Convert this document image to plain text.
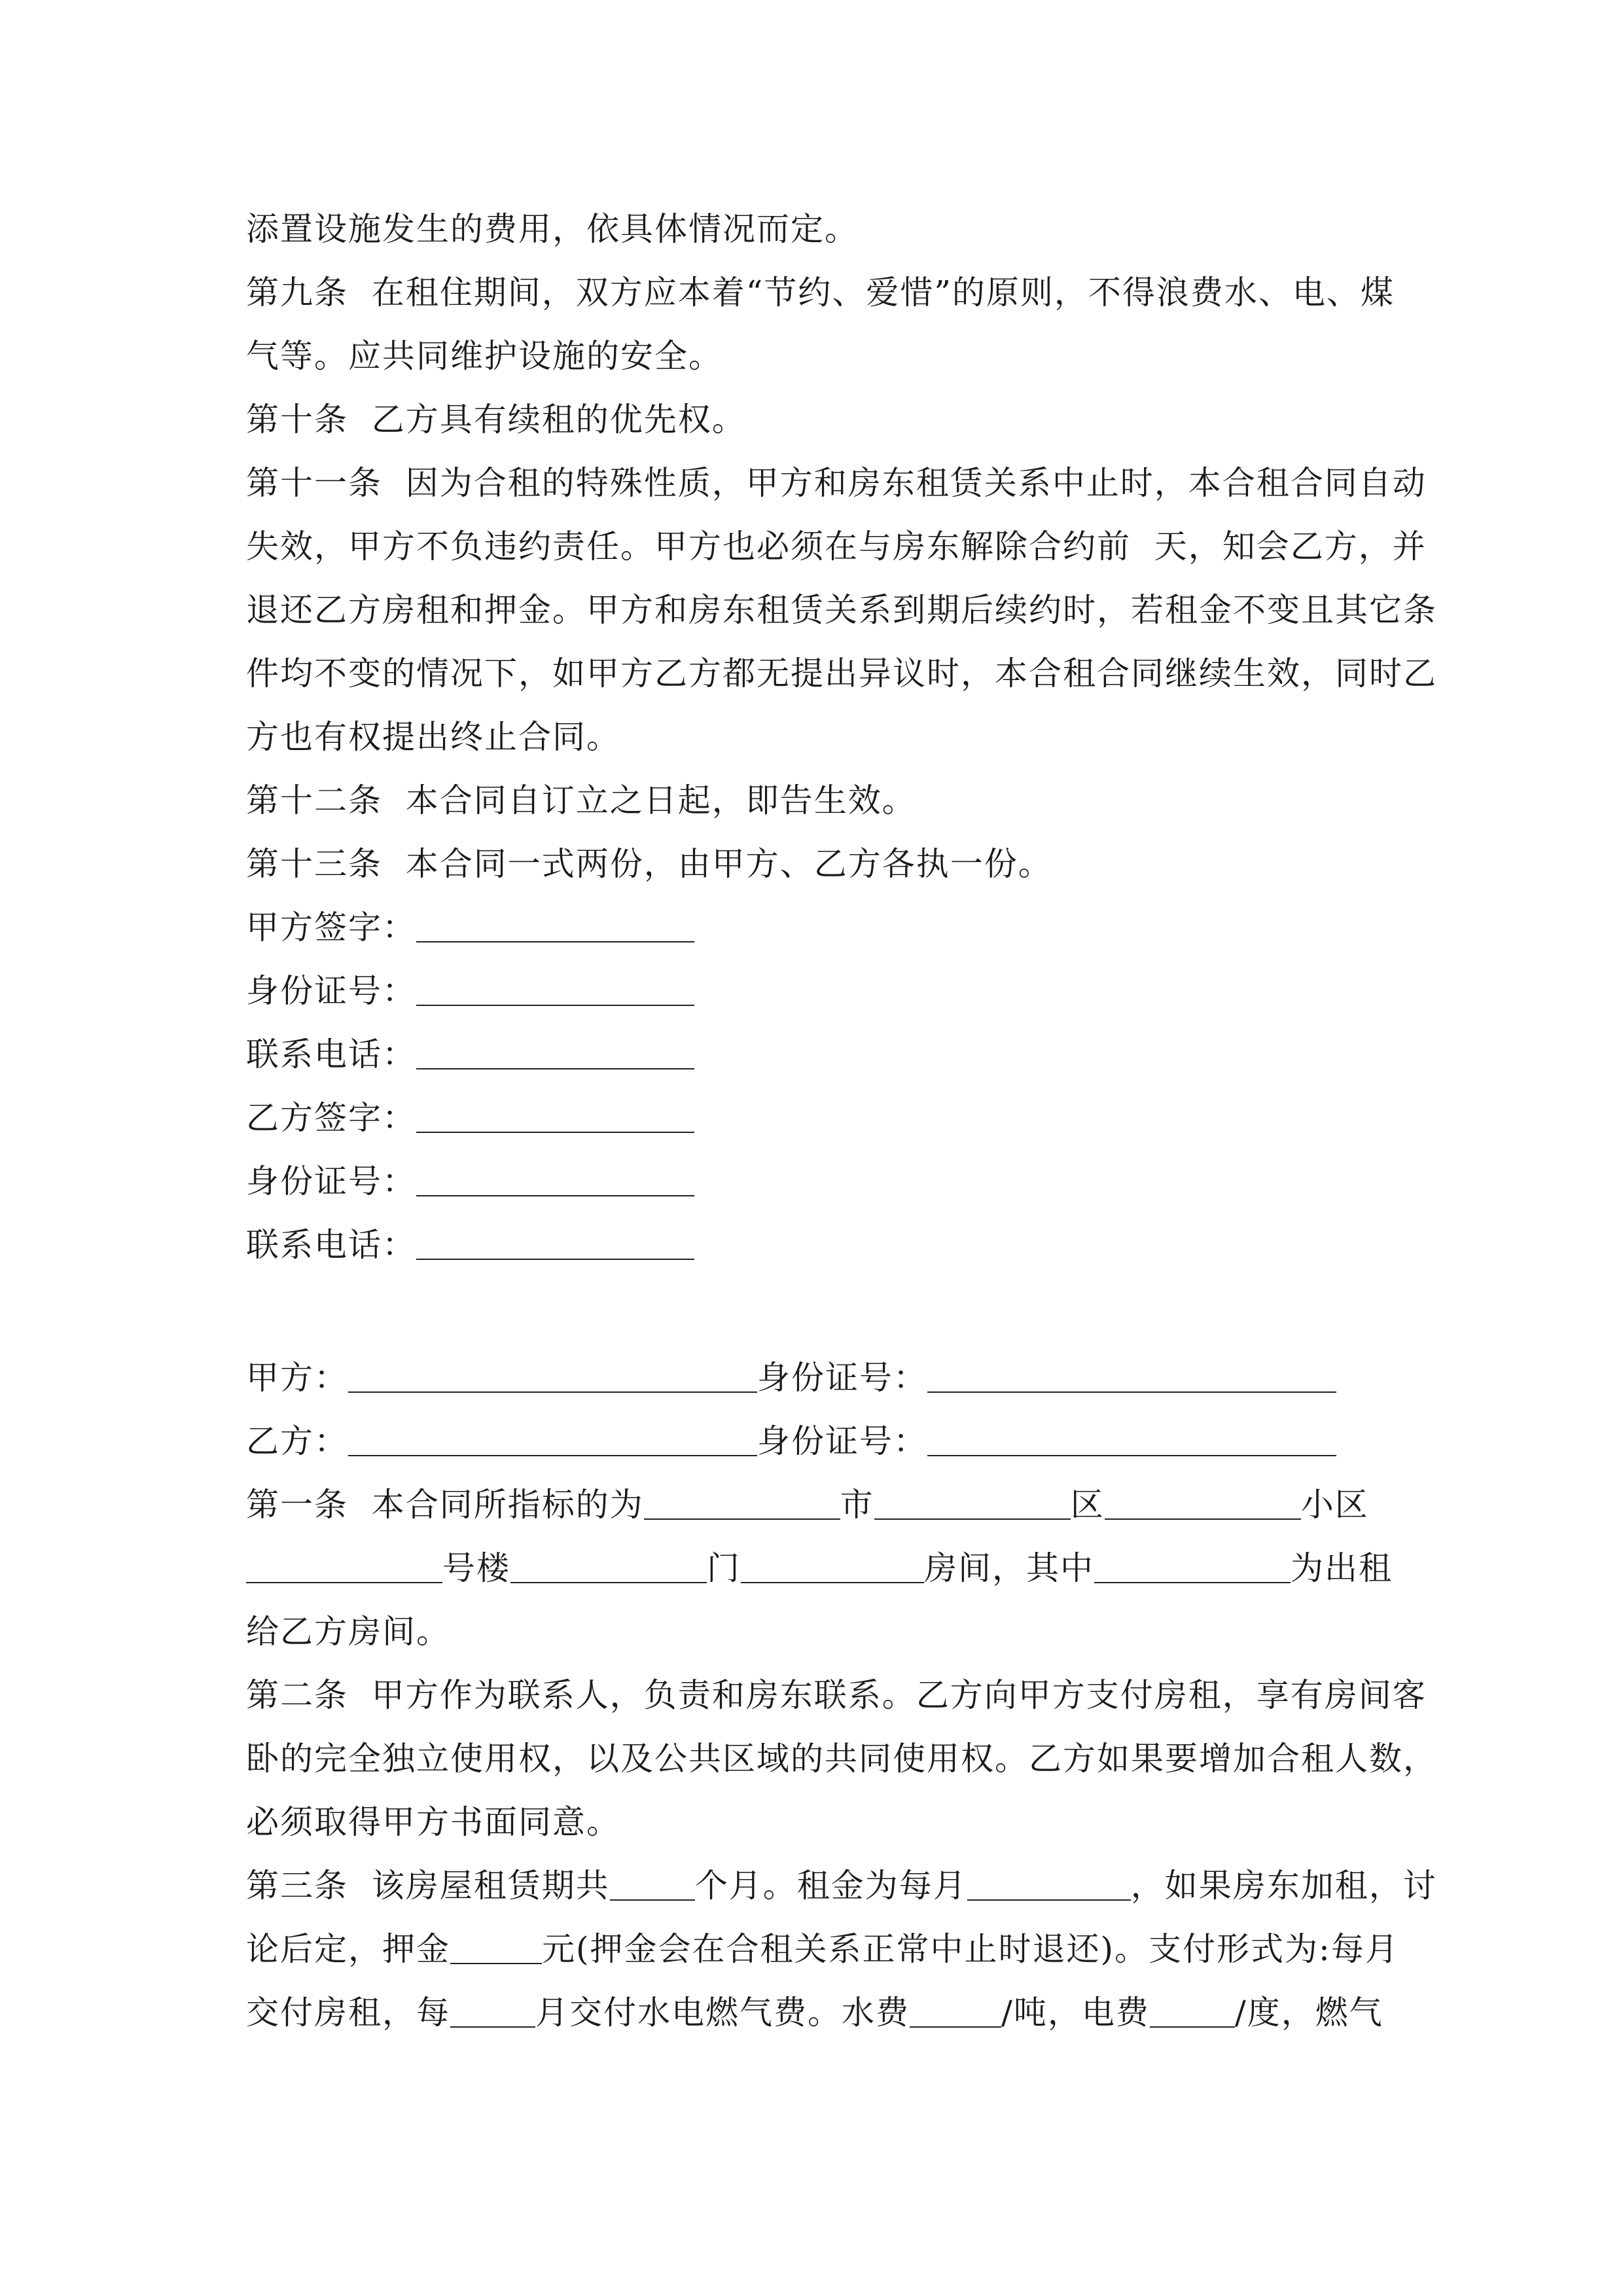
添置设施发生的费用，依具体情况而定。

第九条  在租住期间，双方应本着“节约、爱惜”的原则，不得浪费水、电、煤

气等。应共同维护设施的安全。

第十条  乙方具有续租的优先权。

第十一条  因为合租的特殊性质，甲方和房东租赁关系中止时，本合租合同自动

失效，甲方不负违约责任。甲方也必须在与房东解除合约前  天，知会乙方，并

退还乙方房租和押金。甲方和房东租赁关系到期后续约时，若租金不变且其它条

件均不变的情况下，如甲方乙方都无提出异议时，本合租合同继续生效，同时乙

方也有权提出终止合同。

第十二条  本合同自订立之日起，即告生效。

第十三条  本合同一式两份，由甲方、乙方各执一份。

甲方签字：

身份证号：

联系电话：

乙方签字：

身份证号：

联系电话：

甲方：	身份证号：

乙方：	身份证号：

第一条  本合同所指标的为	市	区	小区

号楼	门	房间，其中	为出租

给乙方房间。

第二条  甲方作为联系人，负责和房东联系。乙方向甲方支付房租，享有房间客

卧的完全独立使用权，以及公共区域的共同使用权。乙方如果要增加合租人数，

必须取得甲方书面同意。

第三条  该房屋租赁期共	个月。租金为每月	，如果房东加租，讨

论后定，押金	元(押金会在合租关系正常中止时退还)。支付形式为:每月

交付房租，每	月交付水电燃气费。水费	/吨，电费	/度，燃气
